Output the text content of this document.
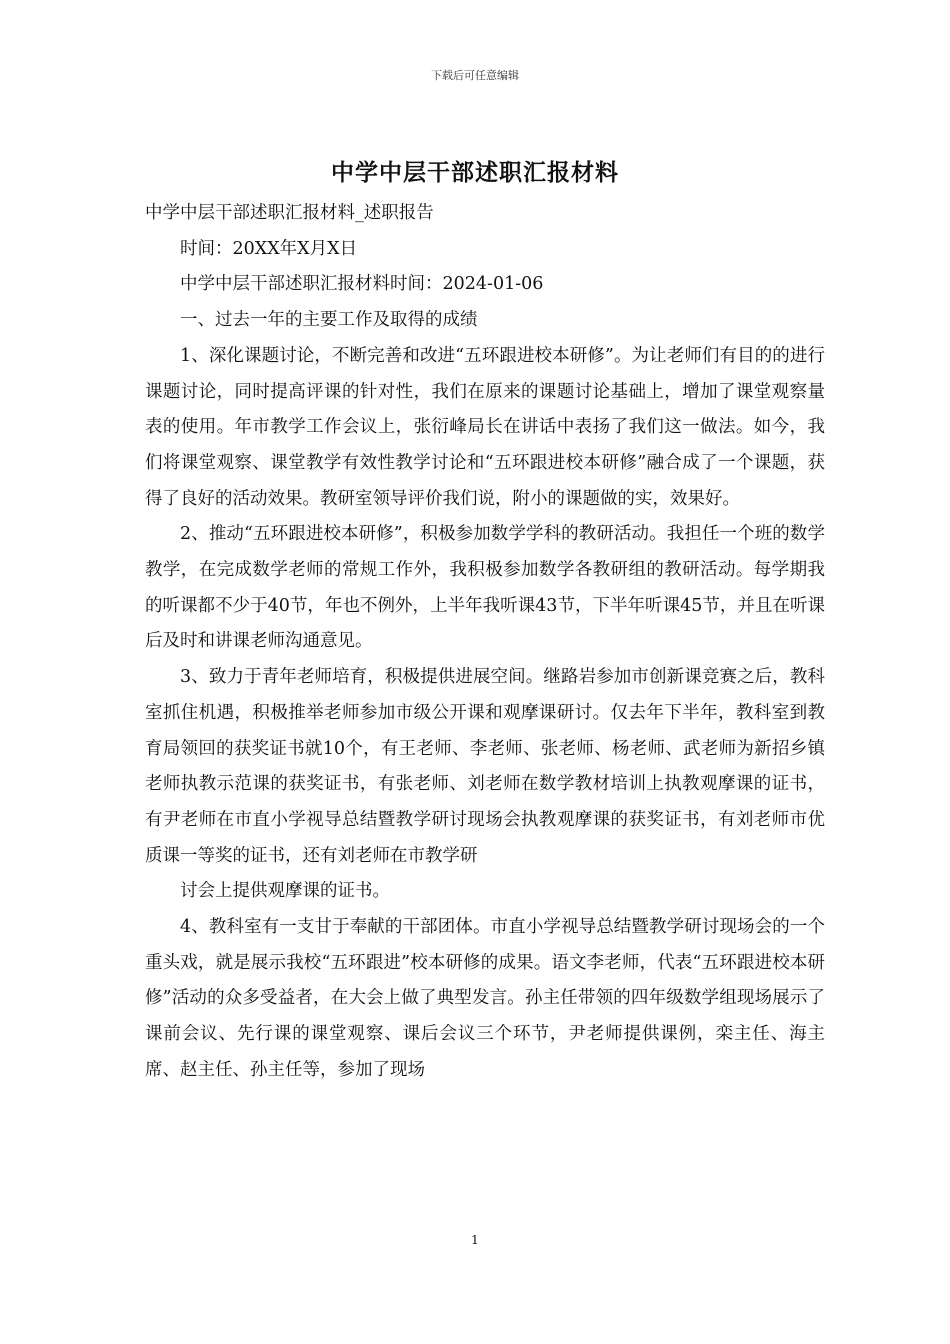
下载后可任意编辑
中学中层干部述职汇报材料

中学中层干部述职汇报材料_述职报告

时间：20XX年X月X日

中学中层干部述职汇报材料时间：2024-01-06

一、过去一年的主要工作及取得的成绩

1、深化课题讨论，不断完善和改进“五环跟进校本研修”。为让老师们有目的的进行课题讨论，同时提高评课的针对性，我们在原来的课题讨论基础上，增加了课堂观察量表的使用。年市教学工作会议上，张衍峰局长在讲话中表扬了我们这一做法。如今，我们将课堂观察、课堂教学有效性教学讨论和“五环跟进校本研修”融合成了一个课题，获得了良好的活动效果。教研室领导评价我们说，附小的课题做的实，效果好。

2、推动“五环跟进校本研修”，积极参加数学学科的教研活动。我担任一个班的数学教学，在完成数学老师的常规工作外，我积极参加数学各教研组的教研活动。每学期我的听课都不少于40节，年也不例外，上半年我听课43节，下半年听课45节，并且在听课后及时和讲课老师沟通意见。

3、致力于青年老师培育，积极提供进展空间。继路岩参加市创新课竞赛之后，教科室抓住机遇，积极推举老师参加市级公开课和观摩课研讨。仅去年下半年，教科室到教育局领回的获奖证书就10个，有王老师、李老师、张老师、杨老师、武老师为新招乡镇老师执教示范课的获奖证书，有张老师、刘老师在数学教材培训上执教观摩课的证书，有尹老师在市直小学视导总结暨教学研讨现场会执教观摩课的获奖证书，有刘老师市优质课一等奖的证书，还有刘老师在市教学研

讨会上提供观摩课的证书。

4、教科室有一支甘于奉献的干部团体。市直小学视导总结暨教学研讨现场会的一个重头戏，就是展示我校“五环跟进”校本研修的成果。语文李老师，代表“五环跟进校本研修”活动的众多受益者，在大会上做了典型发言。孙主任带领的四年级数学组现场展示了课前会议、先行课的课堂观察、课后会议三个环节，尹老师提供课例，栾主任、海主席、赵主任、孙主任等，参加了现场

1
